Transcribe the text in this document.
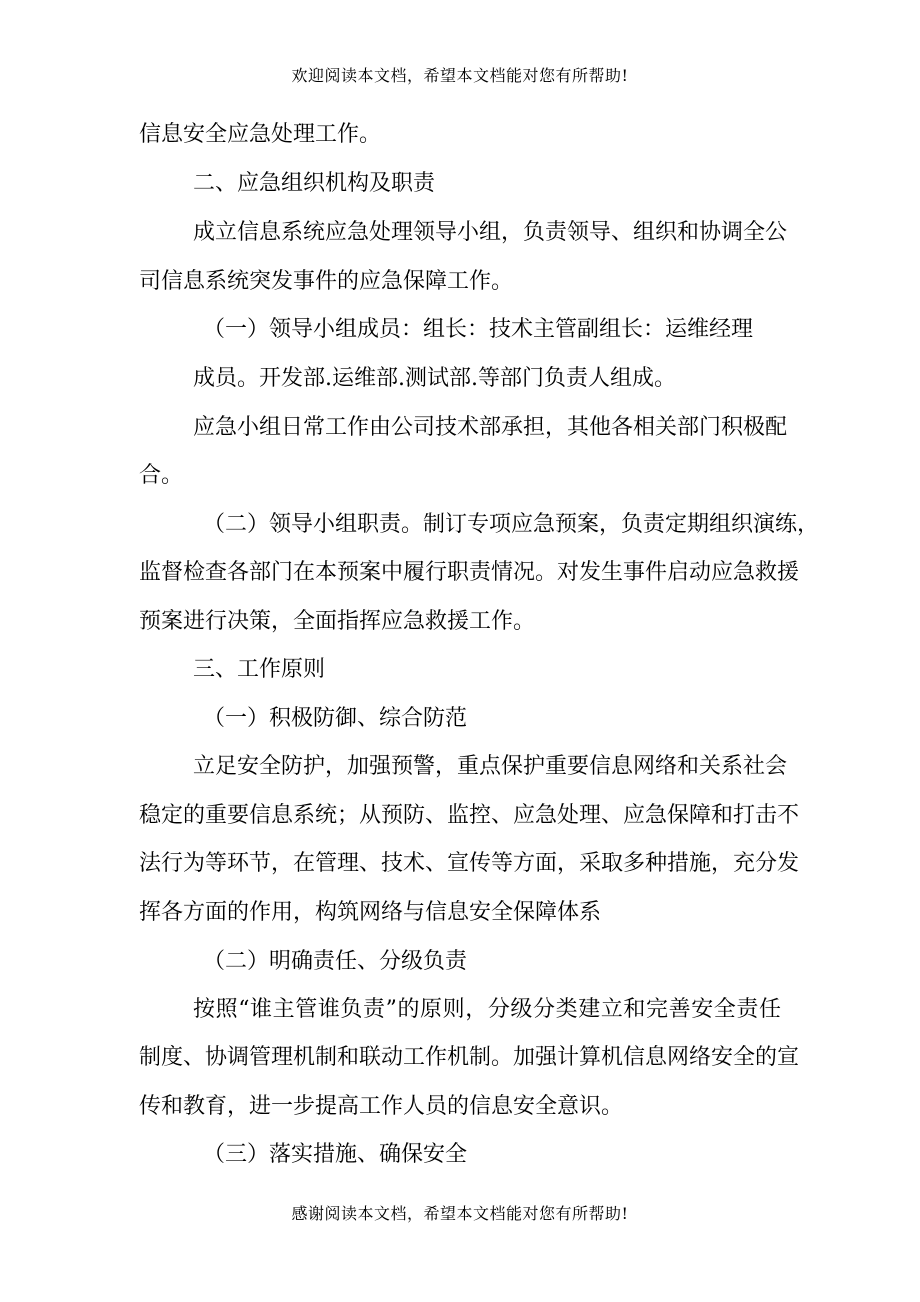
欢迎阅读本文档，希望本文档能对您有所帮助!
信息安全应急处理工作。
二、应急组织机构及职责
成立信息系统应急处理领导小组，负责领导、组织和协调全公
司信息系统突发事件的应急保障工作。
（一）领导小组成员：组长：技术主管副组长：运维经理
成员。开发部.运维部.测试部.等部门负责人组成。
应急小组日常工作由公司技术部承担，其他各相关部门积极配
合。
（二）领导小组职责。制订专项应急预案，负责定期组织演练，
监督检查各部门在本预案中履行职责情况。对发生事件启动应急救援
预案进行决策，全面指挥应急救援工作。
三、工作原则
（一）积极防御、综合防范
立足安全防护，加强预警，重点保护重要信息网络和关系社会
稳定的重要信息系统；从预防、监控、应急处理、应急保障和打击不
法行为等环节，在管理、技术、宣传等方面，采取多种措施，充分发
挥各方面的作用，构筑网络与信息安全保障体系
（二）明确责任、分级负责
按照“谁主管谁负责”的原则，分级分类建立和完善安全责任
制度、协调管理机制和联动工作机制。加强计算机信息网络安全的宣
传和教育，进一步提高工作人员的信息安全意识。
（三）落实措施、确保安全
感谢阅读本文档，希望本文档能对您有所帮助!
